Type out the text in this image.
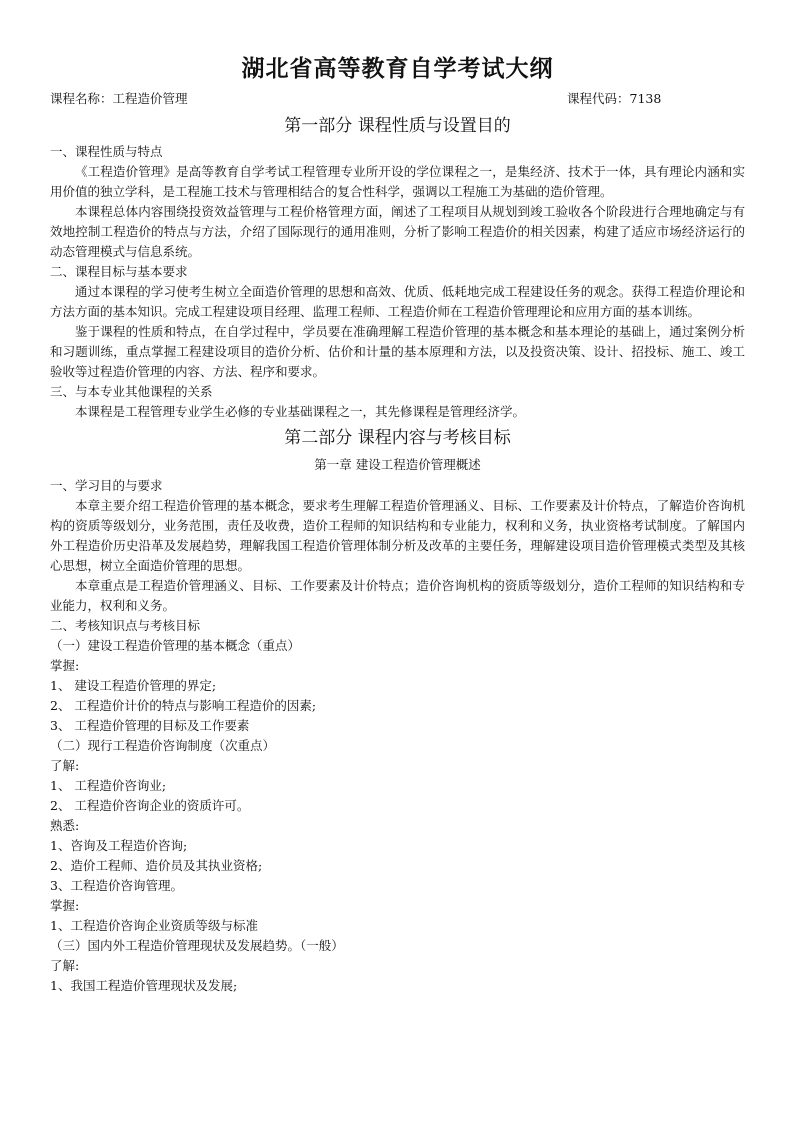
湖北省高等教育自学考试大纲
课程名称：工程造价管理	课程代码：7138
第一部分 课程性质与设置目的
一、课程性质与特点
《工程造价管理》是高等教育自学考试工程管理专业所开设的学位课程之一，是集经济、技术于一体，具有理论内涵和实用价值的独立学科，是工程施工技术与管理相结合的复合性科学，强调以工程施工为基础的造价管理。
本课程总体内容围绕投资效益管理与工程价格管理方面，阐述了工程项目从规划到竣工验收各个阶段进行合理地确定与有效地控制工程造价的特点与方法，介绍了国际现行的通用准则，分析了影响工程造价的相关因素，构建了适应市场经济运行的动态管理模式与信息系统。
二、课程目标与基本要求
通过本课程的学习使考生树立全面造价管理的思想和高效、优质、低耗地完成工程建设任务的观念。获得工程造价理论和方法方面的基本知识。完成工程建设项目经理、监理工程师、工程造价师在工程造价管理理论和应用方面的基本训练。
鉴于课程的性质和特点，在自学过程中，学员要在准确理解工程造价管理的基本概念和基本理论的基础上，通过案例分析和习题训练，重点掌握工程建设项目的造价分析、估价和计量的基本原理和方法，以及投资决策、设计、招投标、施工、竣工验收等过程造价管理的内容、方法、程序和要求。
三、与本专业其他课程的关系
本课程是工程管理专业学生必修的专业基础课程之一，其先修课程是管理经济学。
第二部分 课程内容与考核目标
第一章 建设工程造价管理概述
一、学习目的与要求
本章主要介绍工程造价管理的基本概念，要求考生理解工程造价管理涵义、目标、工作要素及计价特点，了解造价咨询机构的资质等级划分，业务范围，责任及收费，造价工程师的知识结构和专业能力，权利和义务，执业资格考试制度。了解国内外工程造价历史沿革及发展趋势，理解我国工程造价管理体制分析及改革的主要任务，理解建设项目造价管理模式类型及其核心思想，树立全面造价管理的思想。
本章重点是工程造价管理涵义、目标、工作要素及计价特点；造价咨询机构的资质等级划分，造价工程师的知识结构和专业能力，权利和义务。
二、考核知识点与考核目标
（一）建设工程造价管理的基本概念（重点）
掌握:
1、 建设工程造价管理的界定;
2、 工程造价计价的特点与影响工程造价的因素;
3、 工程造价管理的目标及工作要素
（二）现行工程造价咨询制度（次重点）
了解:
1、 工程造价咨询业;
2、 工程造价咨询企业的资质许可。
熟悉:
1、咨询及工程造价咨询;
2、造价工程师、造价员及其执业资格;
3、工程造价咨询管理。
掌握:
1、工程造价咨询企业资质等级与标准
（三）国内外工程造价管理现状及发展趋势。（一般）
了解:
1、我国工程造价管理现状及发展;
